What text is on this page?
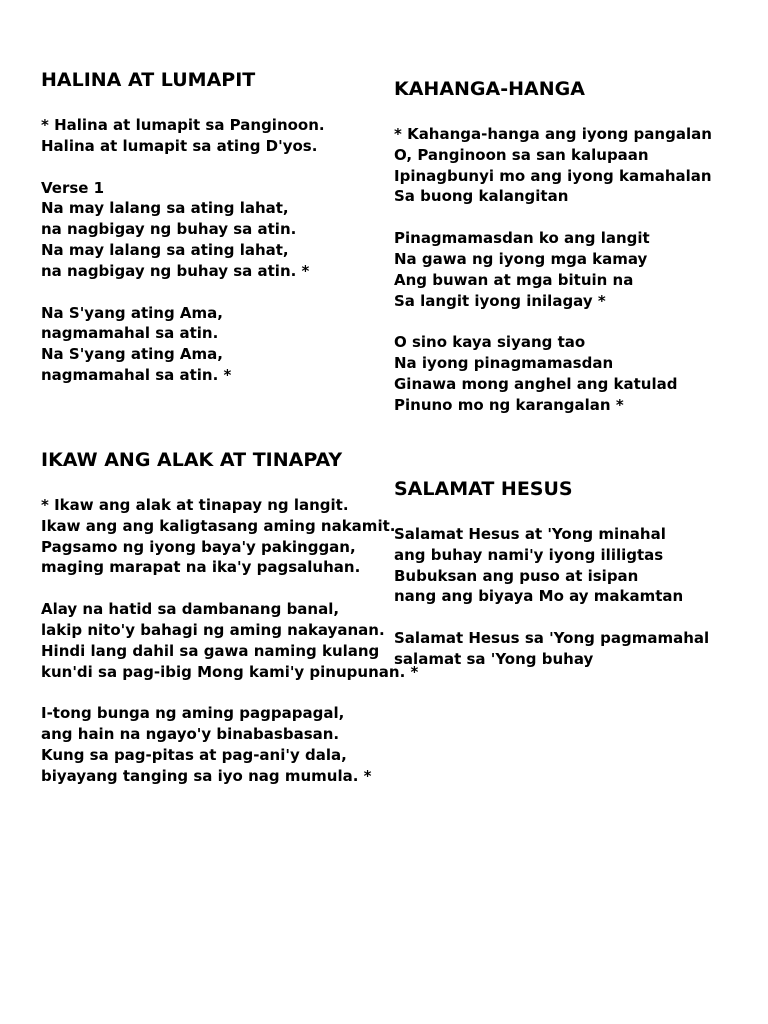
HALINA AT LUMAPIT
* Halina at lumapit sa Panginoon.
Halina at lumapit sa ating D'yos.
Verse 1
Na may lalang sa ating lahat,
na nagbigay ng buhay sa atin.
Na may lalang sa ating lahat,
na nagbigay ng buhay sa atin. *
Na S'yang ating Ama,
nagmamahal sa atin.
Na S'yang ating Ama,
nagmamahal sa atin. *
KAHANGA-HANGA
* Kahanga-hanga ang iyong pangalan
O, Panginoon sa san kalupaan
Ipinagbunyi mo ang iyong kamahalan
Sa buong kalangitan
Pinagmamasdan ko ang langit
Na gawa ng iyong mga kamay
Ang buwan at mga bituin na
Sa langit iyong inilagay *
O sino kaya siyang tao
Na iyong pinagmamasdan
Ginawa mong anghel ang katulad
Pinuno mo ng karangalan *
IKAW ANG ALAK AT TINAPAY
* Ikaw ang alak at tinapay ng langit.
Ikaw ang ang kaligtasang aming nakamit.
Pagsamo ng iyong baya'y pakinggan,
maging marapat na ika'y pagsaluhan.
Alay na hatid sa dambanang banal,
lakip nito'y bahagi ng aming nakayanan.
Hindi lang dahil sa gawa naming kulang
kun'di sa pag-ibig Mong kami'y pinupunan. *
I-tong bunga ng aming pagpapagal,
ang hain na ngayo'y binabasbasan.
Kung sa pag-pitas at pag-ani'y dala,
biyayang tanging sa iyo nag mumula. *
SALAMAT HESUS
Salamat Hesus at 'Yong minahal
ang buhay nami'y iyong ililigtas
Bubuksan ang puso at isipan
nang ang biyaya Mo ay makamtan
Salamat Hesus sa 'Yong pagmamahal
salamat sa 'Yong buhay
